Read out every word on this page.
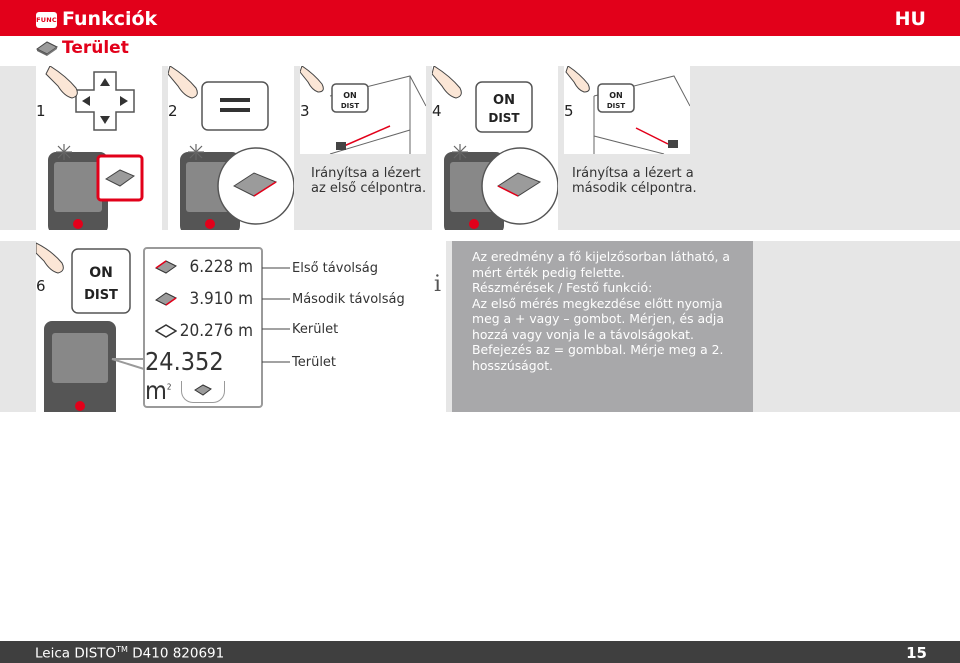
FUNC Funkciók	HU
Terület
1	2
ON
DIST
3
Irányítsa a lézert
az első célpontra.
ON
DIST
4
ON
DIST
5
Irányítsa a lézert a
második célpontra.
ON
DIST
6
6.228 m
3.910 m
20.276 m
24.352 $m^2$
Első távolság
Második távolság
Kerület
Terület
i

Az eredmény a fő kijelzősorban látható, a mért érték pedig felette.

Részmérések / Festő funkció:

Az első mérés megkezdése előtt nyomja meg a + vagy – gombot. Mérjen, és adja hozzá vagy vonja le a távolságokat. Befejezés az = gombbal. Mérje meg a 2. hosszúságot.

Leica DISTO™ D410 820691	15
